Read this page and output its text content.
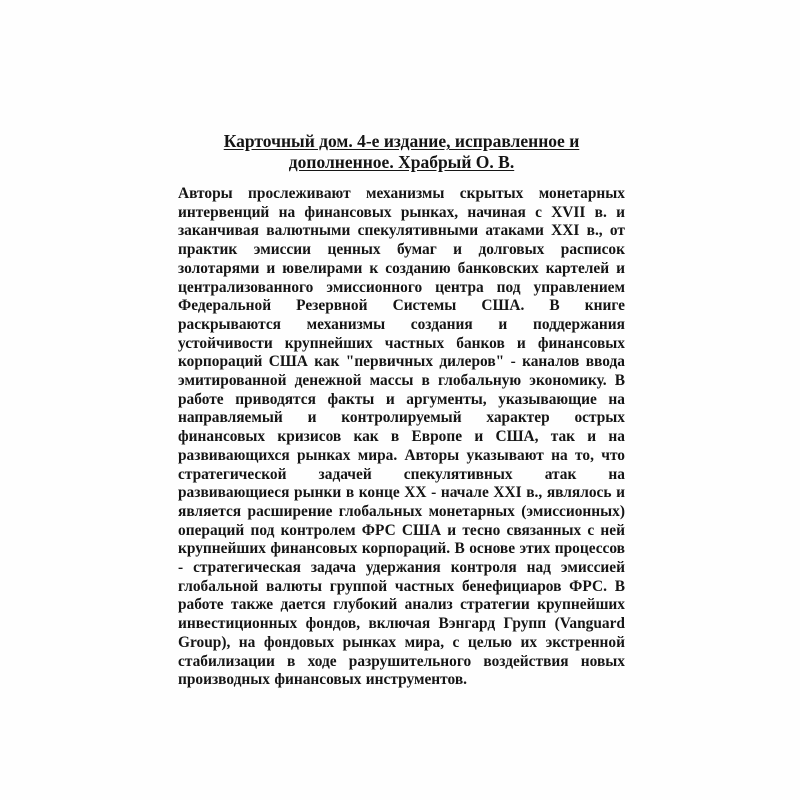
Карточный дом. 4-е издание, исправленное и
дополненное. Храбрый О. В.

Авторы прослеживают механизмы скрытых монетарных интервенций на финансовых рынках, начиная с XVII в. и заканчивая валютными спекулятивными атаками XXI в., от практик эмиссии ценных бумаг и долговых расписок золотарями и ювелирами к созданию банковских картелей и централизованного эмиссионного центра под управлением Федеральной Резервной Системы США. В книге раскрываются механизмы создания и поддержания устойчивости крупнейших частных банков и финансовых корпораций США как "первичных дилеров" - каналов ввода эмитированной денежной массы в глобальную экономику. В работе приводятся факты и аргументы, указывающие на направляемый и контролируемый характер острых финансовых кризисов как в Европе и США, так и на развивающихся рынках мира. Авторы указывают на то, что стратегической задачей спекулятивных атак на развивающиеся рынки в конце XX - начале XXI в., являлось и является расширение глобальных монетарных (эмиссионных) операций под контролем ФРС США и тесно связанных с ней крупнейших финансовых корпораций. В основе этих процессов - стратегическая задача удержания контроля над эмиссией глобальной валюты группой частных бенефициаров ФРС. В работе также дается глубокий анализ стратегии крупнейших инвестиционных фондов, включая Вэнгард Групп (Vanguard Group), на фондовых рынках мира, с целью их экстренной стабилизации в ходе разрушительного воздействия новых производных финансовых инструментов.
